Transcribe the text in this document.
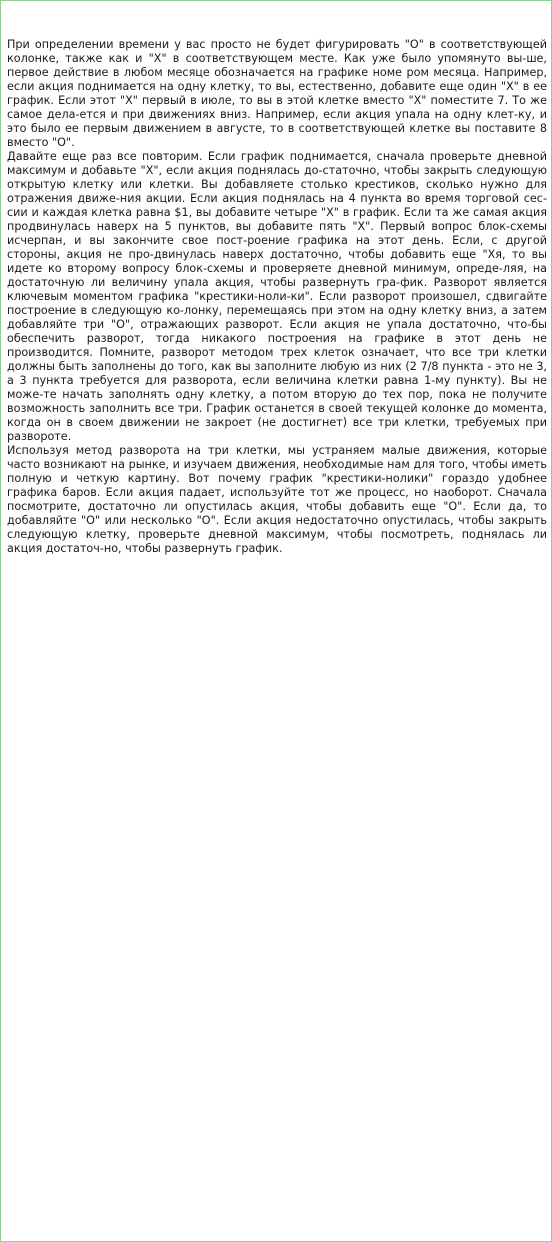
При определении времени у вас просто не будет фигурировать "О" в соответствующей колонке, также как и "X" в соответствующем месте. Как уже было упомянуто вы-ше, первое действие в любом месяце обозначается на графике номе ром месяца. Например, если акция поднимается на одну клетку, то вы, естественно, добавите еще один "X" в ее график. Если этот "X" первый в июле, то вы в этой клетке вместо "X" поместите 7. То же самое дела-ется и при движениях вниз. Например, если акция упала на одну клет-ку, и это было ее первым движением в августе, то в соответствующей клетке вы поставите 8 вместо "О".

Давайте еще раз все повторим. Если график поднимается, сначала проверьте дневной максимум и добавьте "X", если акция поднялась до-статочно, чтобы закрыть следующую открытую клетку или клетки. Вы добавляете столько крестиков, сколько нужно для отражения движе-ния акции. Если акция поднялась на 4 пункта во время торговой сес-сии и каждая клетка равна $1, вы добавите четыре "X" в график. Если та же самая акция продвинулась наверх на 5 пунктов, вы добавите пять "X". Первый вопрос блок-схемы исчерпан, и вы закончите свое пост-роение графика на этот день. Если, с другой стороны, акция не про-двинулась наверх достаточно, чтобы добавить еще "Хя, то вы идете ко второму вопросу блок-схемы и проверяете дневной минимум, опреде-ляя, на достаточную ли величину упала акция, чтобы развернуть гра-фик. Разворот является ключевым моментом графика "крестики-ноли-ки". Если разворот произошел, сдвигайте построение в следующую ко-лонку, перемещаясь при этом на одну клетку вниз, а затем добавляйте три "О", отражающих разворот. Если акция не упала достаточно, что-бы обеспечить разворот, тогда никакого построения на графике в этот день не производится. Помните, разворот методом трех клеток означает, что все три клетки должны быть заполнены до того, как вы заполните любую из них (2 7/8 пункта - это не 3, а 3 пункта требуется для разворота, если величина клетки равна 1-му пункту). Вы не може-те начать заполнять одну клетку, а потом вторую до тех пор, пока не получите возможность заполнить все три. График останется в своей текущей колонке до момента, когда он в своем движении не закроет (не достигнет) все три клетки, требуемых при развороте.

Используя метод разворота на три клетки, мы устраняем малые движения, которые часто возникают на рынке, и изучаем движения, необходимые нам для того, чтобы иметь полную и четкую картину. Вот почему график "крестики-нолики" гораздо удобнее графика баров. Если акция падает, используйте тот же процесс, но наоборот. Сначала посмотрите, достаточно ли опустилась акция, чтобы добавить еще "О". Если да, то добавляйте "О" или несколько "О". Если акция недостаточно опустилась, чтобы закрыть следующую клетку, проверьте дневной максимум, чтобы посмотреть, поднялась ли акция достаточ-но, чтобы развернуть график.
